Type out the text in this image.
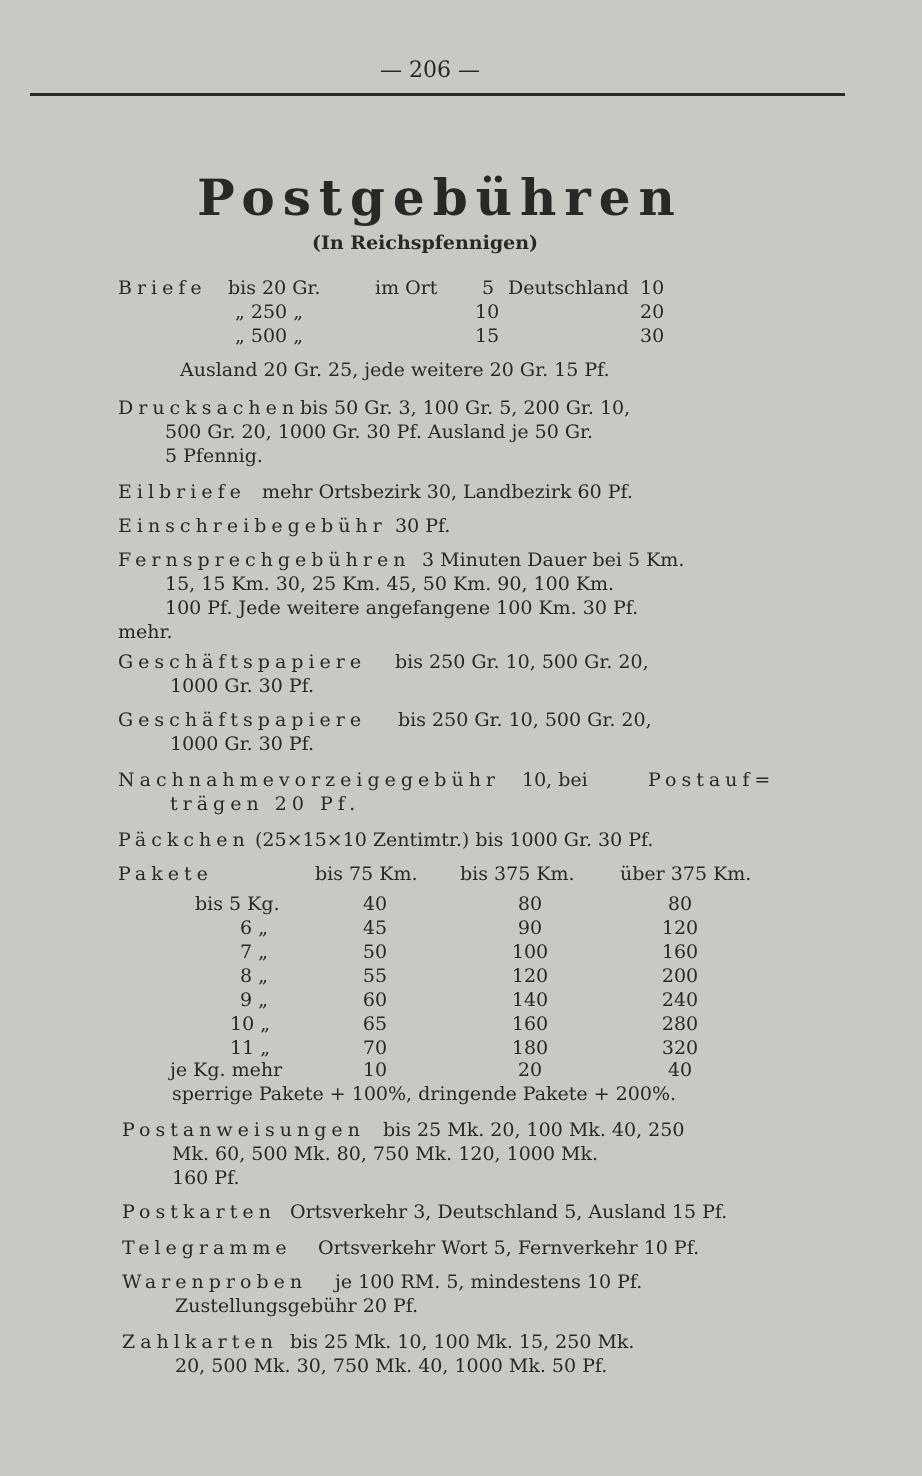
— 206 —
Postgebühren
(In Reichspfennigen)
Briefe bis 20 Gr.	im Ort 5 Deutschland 10
„ 250 „	10	20
„ 500 „	15	30
Ausland 20 Gr. 25, jede weitere 20 Gr. 15 Pf.
Drucksachen bis 50 Gr. 3, 100 Gr. 5, 200 Gr. 10,
500 Gr. 20, 1000 Gr. 30 Pf. Ausland je 50 Gr.
5 Pfennig.
Eilbriefe mehr Ortsbezirk 30, Landbezirk 60 Pf.
Einschreibegebühr 30 Pf.
Fernsprechgebühren 3 Minuten Dauer bei 5 Km.
15, 15 Km. 30, 25 Km. 45, 50 Km. 90, 100 Km.
100 Pf. Jede weitere angefangene 100 Km. 30 Pf.
mehr.
Geschäftspapiere bis 250 Gr. 10, 500 Gr. 20,
1000 Gr. 30 Pf.
Geschäftspapiere bis 250 Gr. 10, 500 Gr. 20,
1000 Gr. 30 Pf.
Nachnahmevorzeigegebühr 10, bei	Postauf=
trägen 20 Pf.
Päckchen (25×15×10 Zentimtr.) bis 1000 Gr. 30 Pf.
Pakete	bis 75 Km. bis 375 Km. über 375 Km.
bis 5 Kg.	40	80	80
6 „	45	90	120
7 „	50	100	160
8 „	55	120	200
9 „	60	140	240
10 „	65	160	280
11 „	70	180	320
je Kg. mehr	10	20	40
sperrige Pakete + 100%, dringende Pakete + 200%.
Postanweisungen bis 25 Mk. 20, 100 Mk. 40, 250
Mk. 60, 500 Mk. 80, 750 Mk. 120, 1000 Mk.
160 Pf.
Postkarten Ortsverkehr 3, Deutschland 5, Ausland 15 Pf.
Telegramme Ortsverkehr Wort 5, Fernverkehr 10 Pf.
Warenproben je 100 RM. 5, mindestens 10 Pf.
Zustellungsgebühr 20 Pf.
Zahlkarten bis 25 Mk. 10, 100 Mk. 15, 250 Mk.
20, 500 Mk. 30, 750 Mk. 40, 1000 Mk. 50 Pf.
